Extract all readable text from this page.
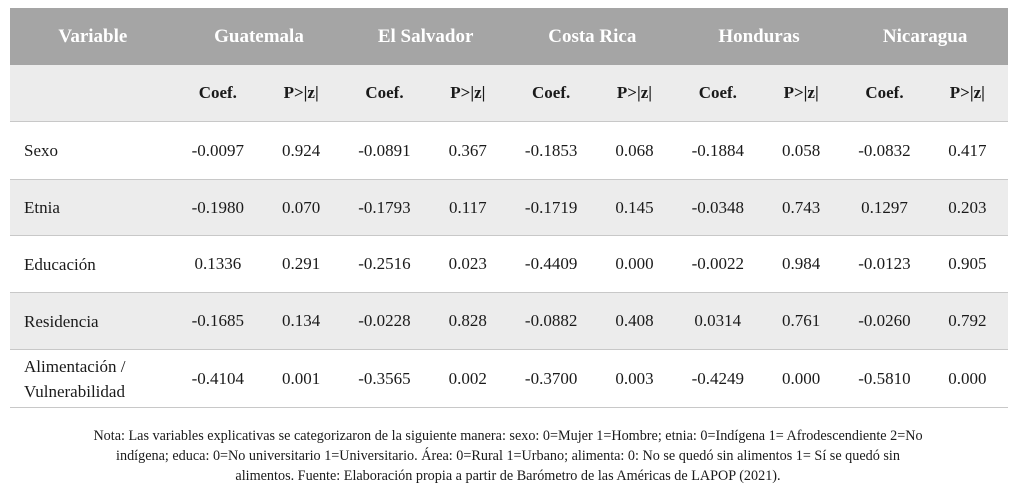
Variable	Guatemala		El Salvador		Costa Rica		Honduras		Nicaragua	
	Coef.	P>|z|	Coef.	P>|z|	Coef.	P>|z|	Coef.	P>|z|	Coef.	P>|z|
Sexo	-0.0097	0.924	-0.0891	0.367	-0.1853	0.068	-0.1884	0.058	-0.0832	0.417
Etnia	-0.1980	0.070	-0.1793	0.117	-0.1719	0.145	-0.0348	0.743	0.1297	0.203
Educación	0.1336	0.291	-0.2516	0.023	-0.4409	0.000	-0.0022	0.984	-0.0123	0.905
Residencia	-0.1685	0.134	-0.0228	0.828	-0.0882	0.408	0.0314	0.761	-0.0260	0.792
Alimentación /
Vulnerabilidad	-0.4104	0.001	-0.3565	0.002	-0.3700	0.003	-0.4249	0.000	-0.5810	0.000
Nota: Las variables explicativas se categorizaron de la siguiente manera: sexo: 0=Mujer 1=Hombre; etnia: 0=Indígena 1= Afrodescendiente 2=No
indígena; educa: 0=No universitario 1=Universitario. Área: 0=Rural 1=Urbano; alimenta: 0: No se quedó sin alimentos 1= Sí se quedó sin
alimentos. Fuente: Elaboración propia a partir de Barómetro de las Américas de LAPOP (2021).
